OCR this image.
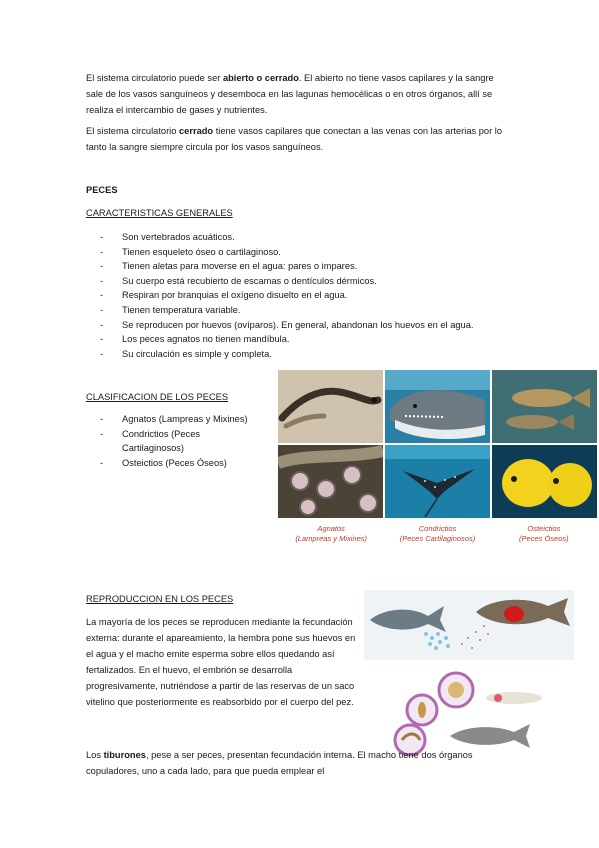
El sistema circulatorio puede ser abierto o cerrado. El abierto no tiene vasos capilares y la sangre sale de los vasos sanguíneos y desemboca en las lagunas hemocélicas o en otros órganos, allí se realiza el intercambio de gases y nutrientes.

El sistema circulatorio cerrado tiene vasos capilares que conectan a las venas con las arterias por lo tanto la sangre siempre circula por los vasos sanguíneos.

PECES

CARACTERISTICAS GENERALES

- Son vertebrados acuáticos.
- Tienen esqueleto óseo o cartilaginoso.
- Tienen aletas para moverse en el agua: pares o impares.
- Su cuerpo está recubierto de escamas o dentículos dérmicos.
- Respiran por branquias el oxígeno disuelto en el agua.
- Tienen temperatura variable.
- Se reproducen por huevos (ovíparos). En general, abandonan los huevos en el agua.
- Los peces agnatos no tienen mandíbula.
- Su circulación es simple y completa.

CLASIFICACION DE LOS PECES

- Agnatos (Lampreas y Mixines)
- Condrictios (Peces Cartilaginosos)
- Osteictios (Peces Óseos)
Agnatos
(Lampreas y Mixines)
Condrictios
(Peces Cartilaginosos)
Osteictios
(Peces Óseos)

REPRODUCCION EN LOS PECES

La mayoría de los peces se reproducen mediante la fecundación externa: durante el apareamiento, la hembra pone sus huevos en el agua y el macho emite esperma sobre ellos quedando así fertalizados. En el huevo, el embrión se desarrolla progresivamente, nutriéndose a partir de las reservas de un saco vitelino que posteriormente es reabsorbido por el cuerpo del pez.

Los tiburones, pese a ser peces, presentan fecundación interna. El macho tiene dos órganos copuladores, uno a cada lado, para que pueda emplear el
